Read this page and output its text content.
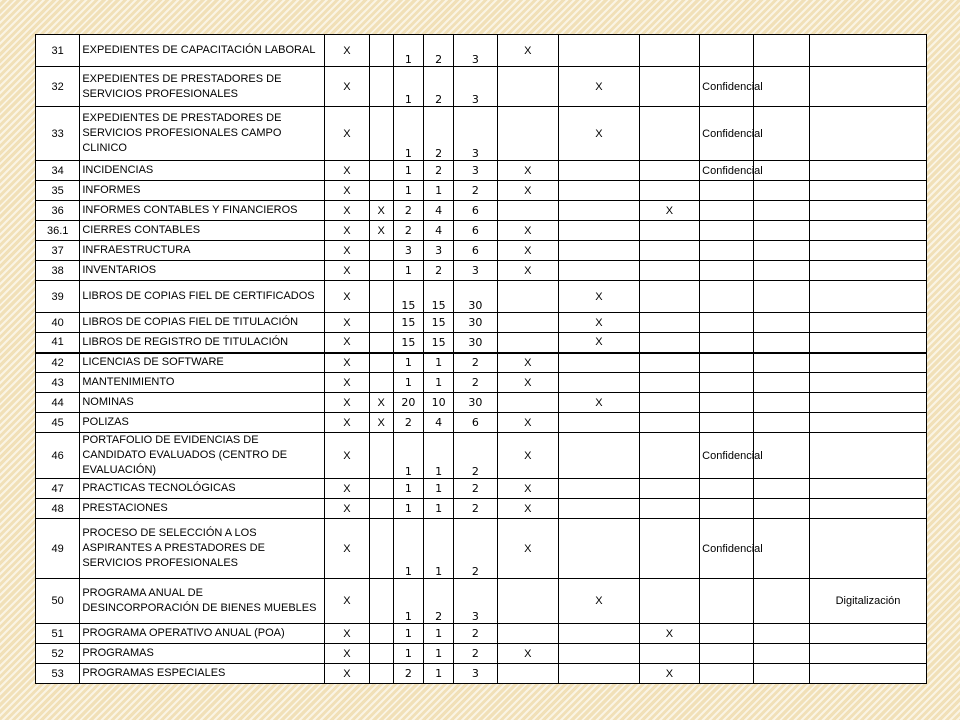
31	EXPEDIENTES DE CAPACITACIÓN LABORAL	X		1	2	3	X					
32	EXPEDIENTES DE PRESTADORES DE SERVICIOS PROFESIONALES	X		1	2	3		X		Confidencial		
33	EXPEDIENTES DE PRESTADORES DE SERVICIOS PROFESIONALES CAMPO CLINICO	X		1	2	3		X		Confidencial		
34	INCIDENCIAS	X		1	2	3	X			Confidencial		
35	INFORMES	X		1	1	2	X					
36	INFORMES CONTABLES Y FINANCIEROS	X	X	2	4	6			X			
36.1	CIERRES CONTABLES	X	X	2	4	6	X					
37	INFRAESTRUCTURA	X		3	3	6	X					
38	INVENTARIOS	X		1	2	3	X					
39	LIBROS DE COPIAS FIEL DE CERTIFICADOS	X		15	15	30		X				
40	LIBROS DE COPIAS FIEL DE TITULACIÓN	X		15	15	30		X				
41	LIBROS DE REGISTRO DE TITULACIÓN	X		15	15	30		X				
42	LICENCIAS DE SOFTWARE	X		1	1	2	X					
43	MANTENIMIENTO	X		1	1	2	X					
44	NOMINAS	X	X	20	10	30		X				
45	POLIZAS	X	X	2	4	6	X					
46	PORTAFOLIO DE EVIDENCIAS DE CANDIDATO EVALUADOS (CENTRO DE EVALUACIÓN)	X		1	1	2	X			Confidencial		
47	PRACTICAS TECNOLÓGICAS	X		1	1	2	X					
48	PRESTACIONES	X		1	1	2	X					
49	PROCESO DE SELECCIÓN A LOS ASPIRANTES A PRESTADORES DE SERVICIOS PROFESIONALES	X		1	1	2	X			Confidencial		
50	PROGRAMA ANUAL DE DESINCORPORACIÓN DE BIENES MUEBLES	X		1	2	3		X				Digitalización
51	PROGRAMA OPERATIVO ANUAL (POA)	X		1	1	2			X			
52	PROGRAMAS	X		1	1	2	X					
53	PROGRAMAS ESPECIALES	X		2	1	3			X			
